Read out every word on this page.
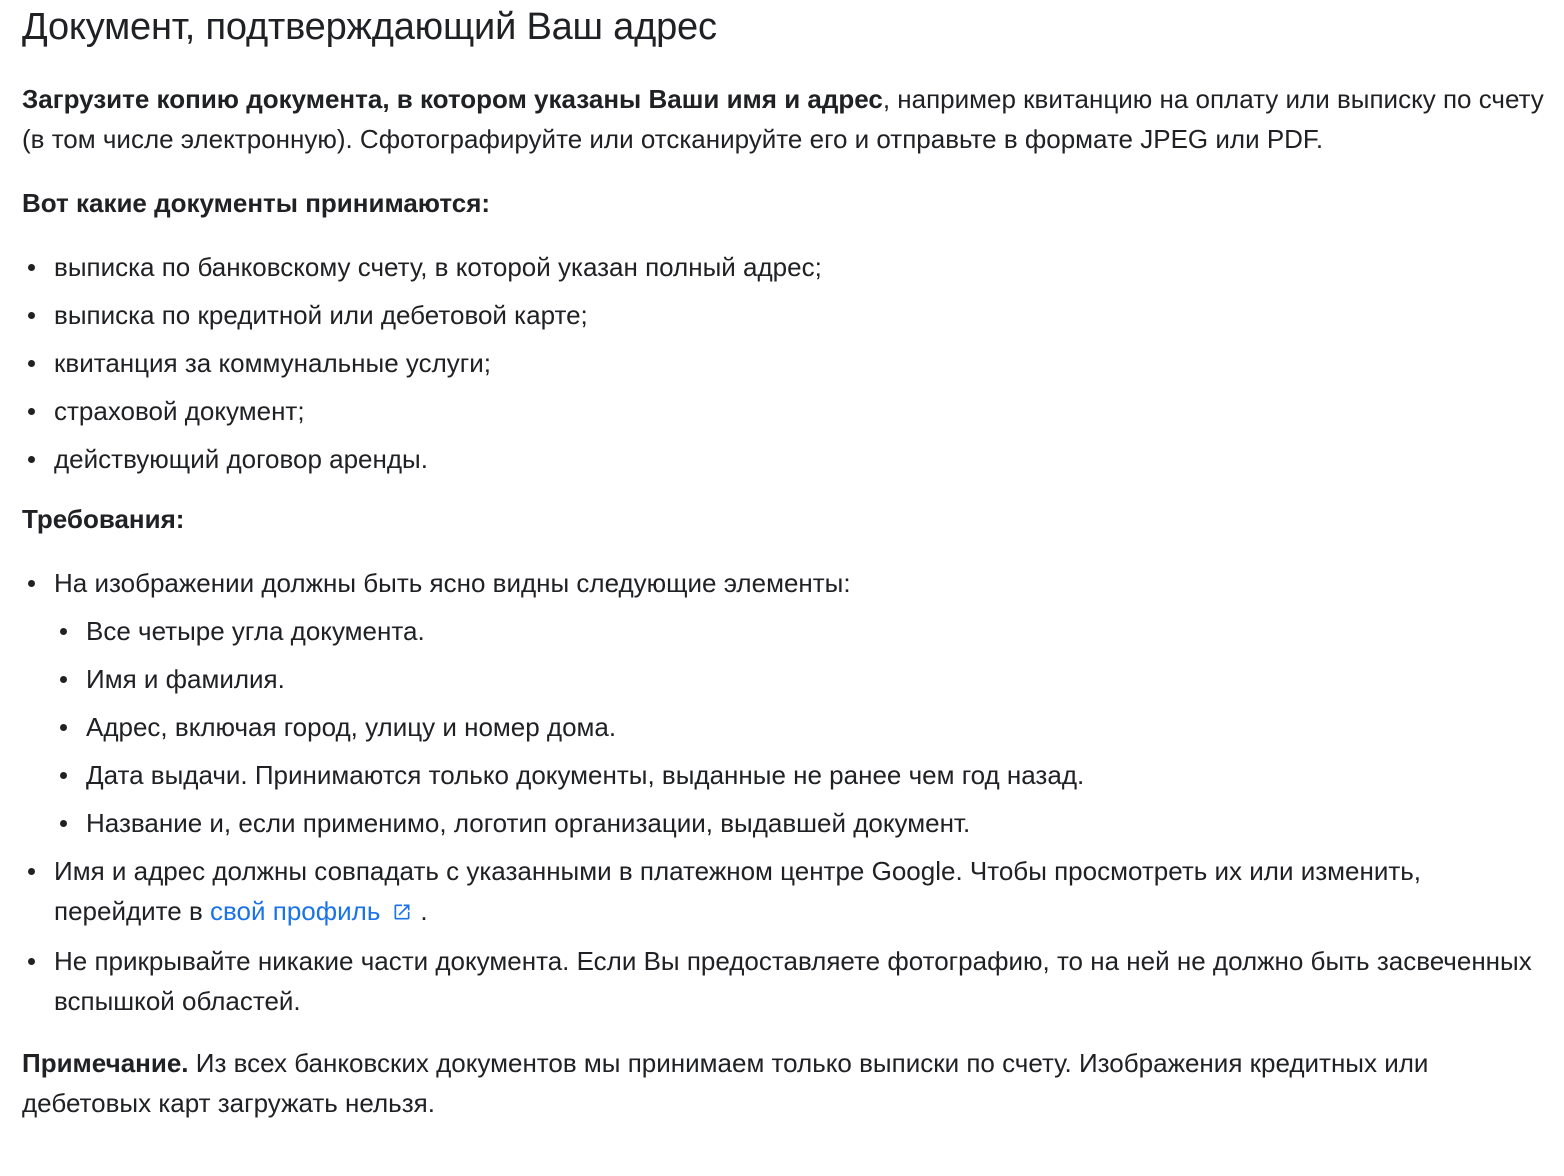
Документ, подтверждающий Ваш адрес

Загрузите копию документа, в котором указаны Ваши имя и адрес, например квитанцию на оплату или выписку по счету (в том числе электронную). Сфотографируйте или отсканируйте его и отправьте в формате JPEG или PDF.

Вот какие документы принимаются:

выписка по банковскому счету, в которой указан полный адрес;
выписка по кредитной или дебетовой карте;
квитанция за коммунальные услуги;
страховой документ;
действующий договор аренды.

Требования:

На изображении должны быть ясно видны следующие элементы:
Все четыре угла документа.
Имя и фамилия.
Адрес, включая город, улицу и номер дома.
Дата выдачи. Принимаются только документы, выданные не ранее чем год назад.
Название и, если применимо, логотип организации, выдавшей документ.
Имя и адрес должны совпадать с указанными в платежном центре Google. Чтобы просмотреть их или изменить, перейдите в свой профиль .
Не прикрывайте никакие части документа. Если Вы предоставляете фотографию, то на ней не должно быть засвеченных вспышкой областей.

Примечание. Из всех банковских документов мы принимаем только выписки по счету. Изображения кредитных или дебетовых карт загружать нельзя.
